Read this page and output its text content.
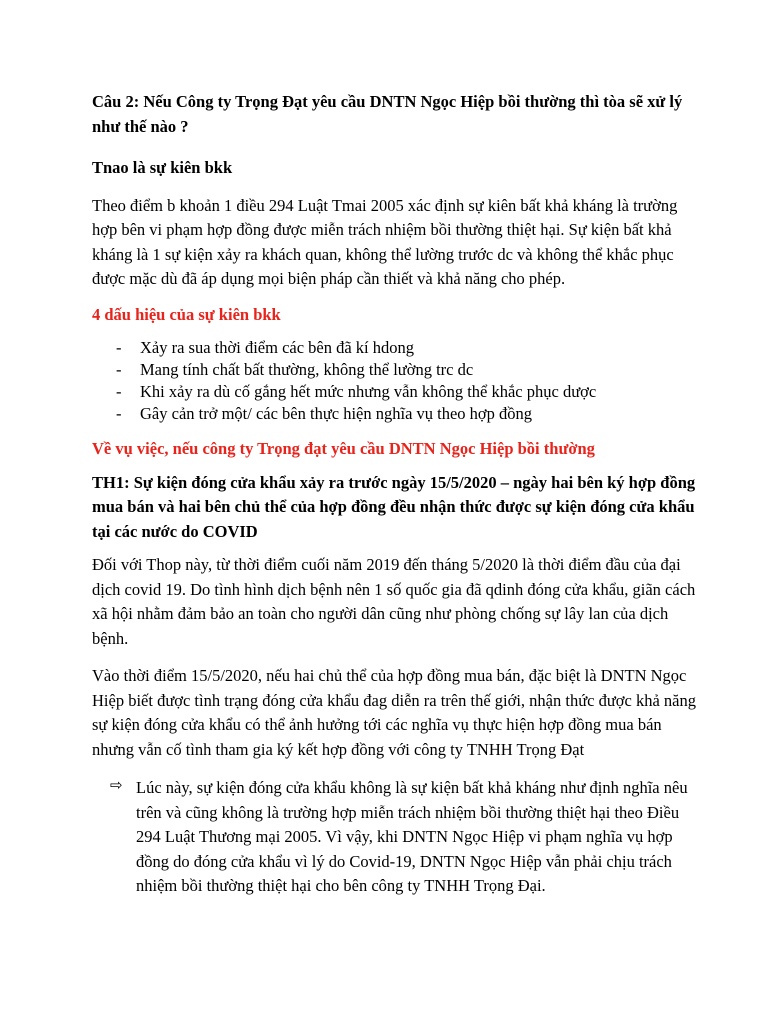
Câu 2: Nếu Công ty Trọng Đạt yêu cầu DNTN Ngọc Hiệp bồi thường thì tòa sẽ xử lý như thế nào ?

Tnao là sự kiên bkk

Theo điểm b khoản 1 điều 294 Luật Tmai 2005 xác định sự kiên bất khả kháng là trường hợp bên vi phạm hợp đồng được miễn trách nhiệm bồi thường thiệt hại. Sự kiện bất khả kháng là 1 sự kiện xảy ra khách quan, không thể lường trước dc và không thể khắc phục được mặc dù đã áp dụng mọi biện pháp cần thiết và khả năng cho phép.

4 dấu hiệu của sự kiên bkk

- Xảy ra sua thời điểm các bên đã kí hdong
- Mang tính chất bất thường, không thể lường trc dc
- Khi xảy ra dù cố gắng hết mức nhưng vẫn không thể khắc phục dược
- Gây cản trở một/ các bên thực hiện nghĩa vụ theo hợp đồng

Về vụ việc, nếu công ty Trọng đạt yêu cầu DNTN Ngọc Hiệp bồi thường

TH1: Sự kiện đóng cửa khẩu xảy ra trước ngày 15/5/2020 – ngày hai bên ký hợp đồng mua bán và hai bên chủ thể của hợp đồng đều nhận thức được sự kiện đóng cửa khẩu tại các nước do COVID

Đối với Thop này, từ thời điểm cuối năm 2019 đến tháng 5/2020 là thời điểm đầu của đại dịch covid 19. Do tình hình dịch bệnh nên 1 số quốc gia đã qdinh đóng cửa khẩu, giãn cách xã hội nhằm đảm bảo an toàn cho người dân cũng như phòng chống sự lây lan của dịch bệnh.

Vào thời điểm 15/5/2020, nếu hai chủ thể của hợp đồng mua bán, đặc biệt là DNTN Ngọc Hiệp biết được tình trạng đóng cửa khẩu đag diễn ra trên thế giới, nhận thức được khả năng sự kiện đóng cửa khẩu có thể ảnh hưởng tới các nghĩa vụ thực hiện hợp đồng mua bán nhưng vẫn cố tình tham gia ký kết hợp đồng với công ty TNHH Trọng Đạt

⇨ Lúc này, sự kiện đóng cửa khẩu không là sự kiện bất khả kháng như định nghĩa nêu trên và cũng không là trường hợp miễn trách nhiệm bồi thường thiệt hại theo Điều 294 Luật Thương mại 2005. Vì vậy, khi DNTN Ngọc Hiệp vi phạm nghĩa vụ hợp đồng do đóng cửa khẩu vì lý do Covid-19, DNTN Ngọc Hiệp vẫn phải chịu trách nhiệm bồi thường thiệt hại cho bên công ty TNHH Trọng Đại.
